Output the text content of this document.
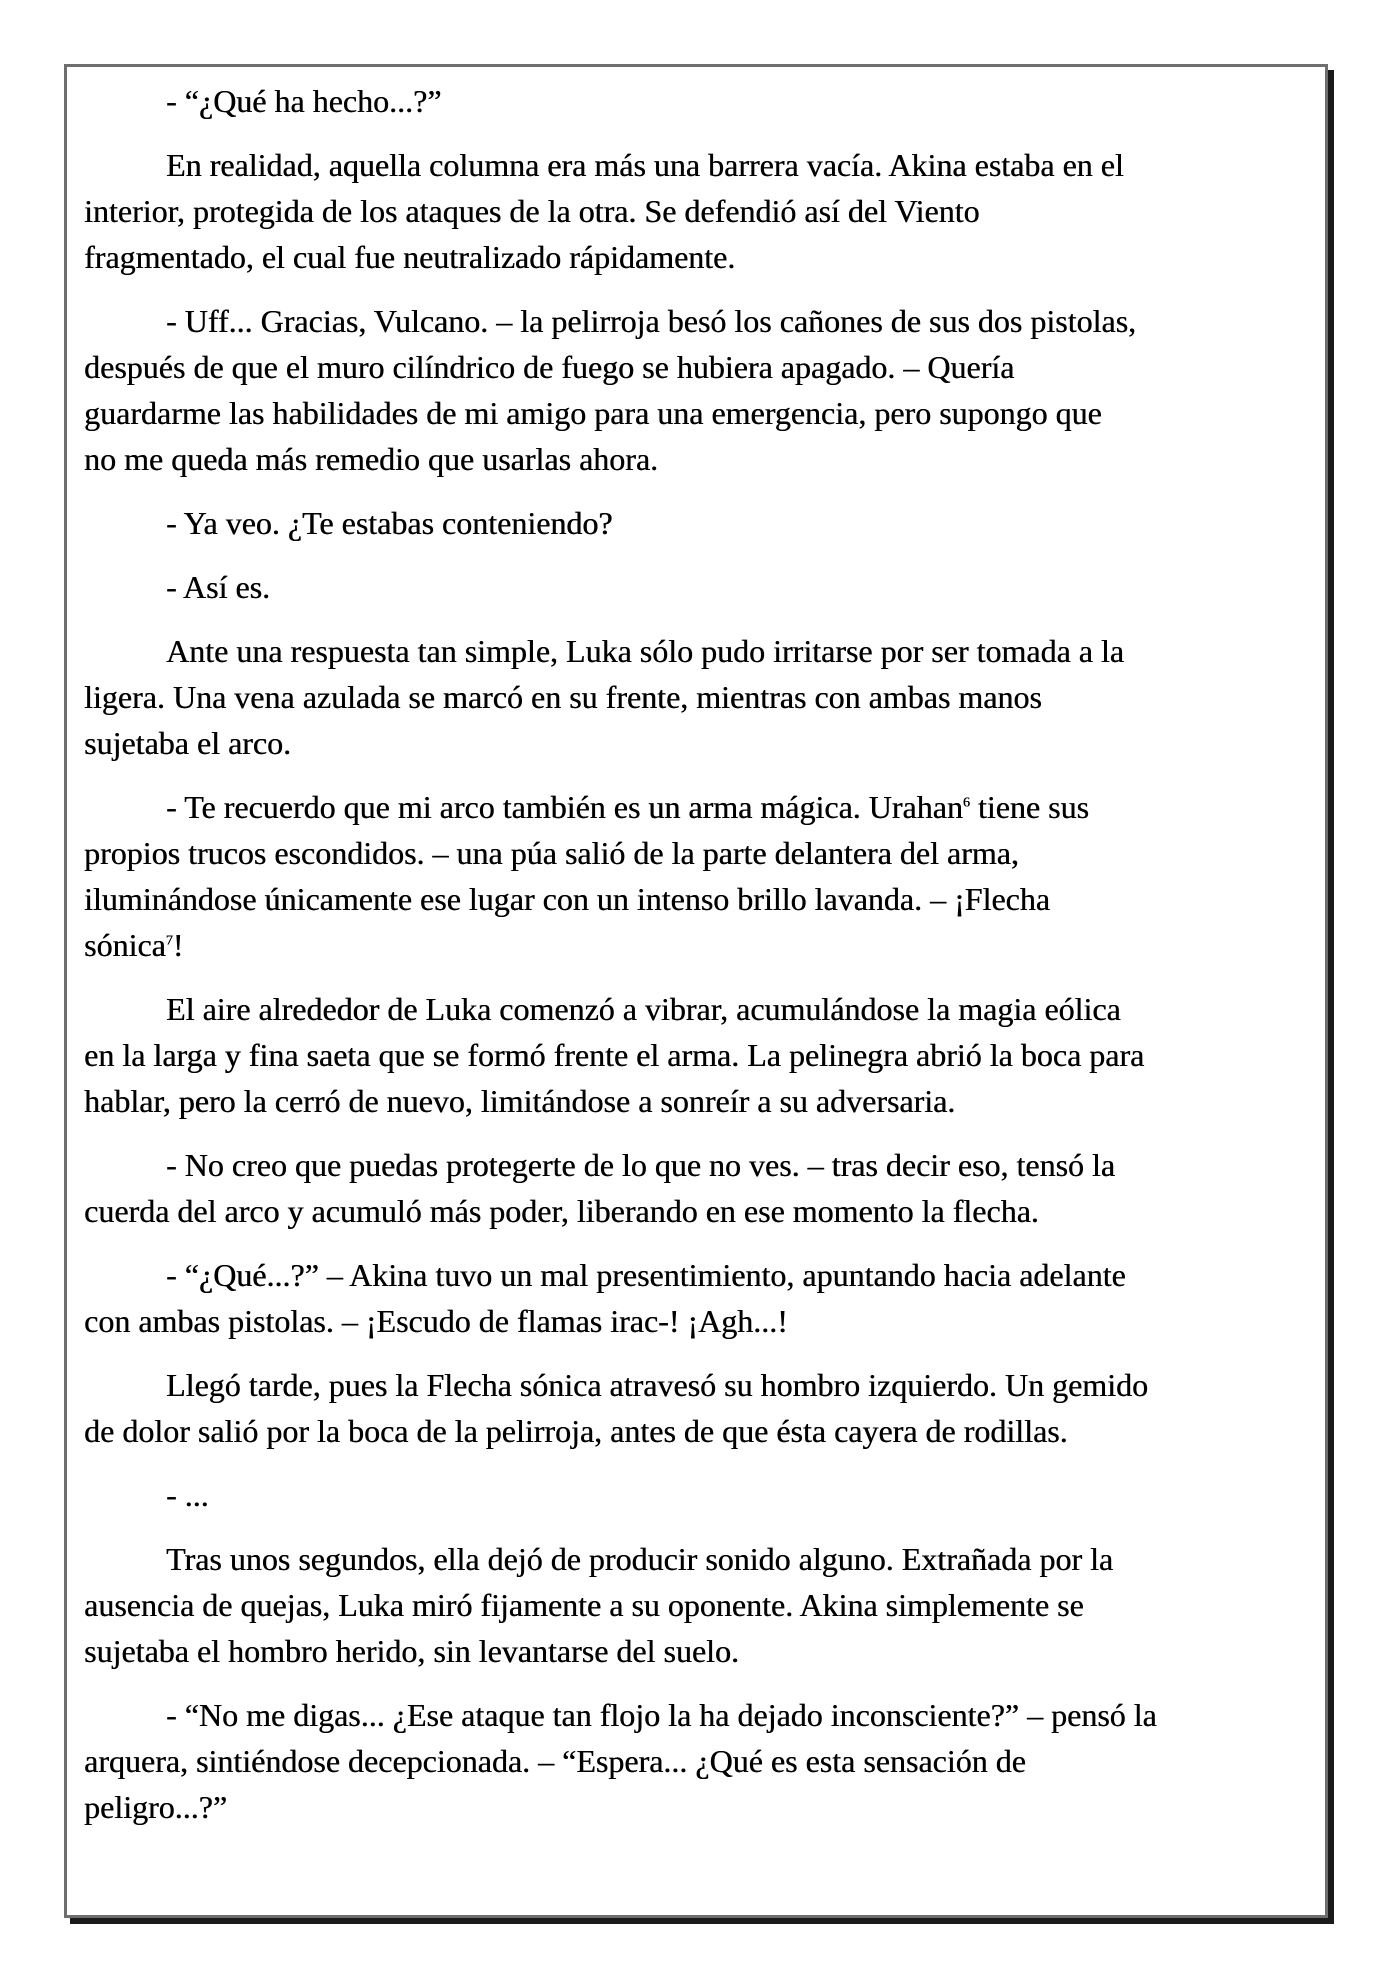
- “¿Qué ha hecho...?”

En realidad, aquella columna era más una barrera vacía. Akina estaba en el
interior, protegida de los ataques de la otra. Se defendió así del Viento
fragmentado, el cual fue neutralizado rápidamente.

- Uff... Gracias, Vulcano. – la pelirroja besó los cañones de sus dos pistolas,
después de que el muro cilíndrico de fuego se hubiera apagado. – Quería
guardarme las habilidades de mi amigo para una emergencia, pero supongo que
no me queda más remedio que usarlas ahora.

- Ya veo. ¿Te estabas conteniendo?

- Así es.

Ante una respuesta tan simple, Luka sólo pudo irritarse por ser tomada a la
ligera. Una vena azulada se marcó en su frente, mientras con ambas manos
sujetaba el arco.

- Te recuerdo que mi arco también es un arma mágica. Urahan$^6$ tiene sus
propios trucos escondidos. – una púa salió de la parte delantera del arma,
iluminándose únicamente ese lugar con un intenso brillo lavanda. – ¡Flecha
sónica$^7$!

El aire alrededor de Luka comenzó a vibrar, acumulándose la magia eólica
en la larga y fina saeta que se formó frente el arma. La pelinegra abrió la boca para
hablar, pero la cerró de nuevo, limitándose a sonreír a su adversaria.

- No creo que puedas protegerte de lo que no ves. – tras decir eso, tensó la
cuerda del arco y acumuló más poder, liberando en ese momento la flecha.

- “¿Qué...?” – Akina tuvo un mal presentimiento, apuntando hacia adelante
con ambas pistolas. – ¡Escudo de flamas irac-! ¡Agh...!

Llegó tarde, pues la Flecha sónica atravesó su hombro izquierdo. Un gemido
de dolor salió por la boca de la pelirroja, antes de que ésta cayera de rodillas.

- ...

Tras unos segundos, ella dejó de producir sonido alguno. Extrañada por la
ausencia de quejas, Luka miró fijamente a su oponente. Akina simplemente se
sujetaba el hombro herido, sin levantarse del suelo.

- “No me digas... ¿Ese ataque tan flojo la ha dejado inconsciente?” – pensó la
arquera, sintiéndose decepcionada. – “Espera... ¿Qué es esta sensación de
peligro...?”
